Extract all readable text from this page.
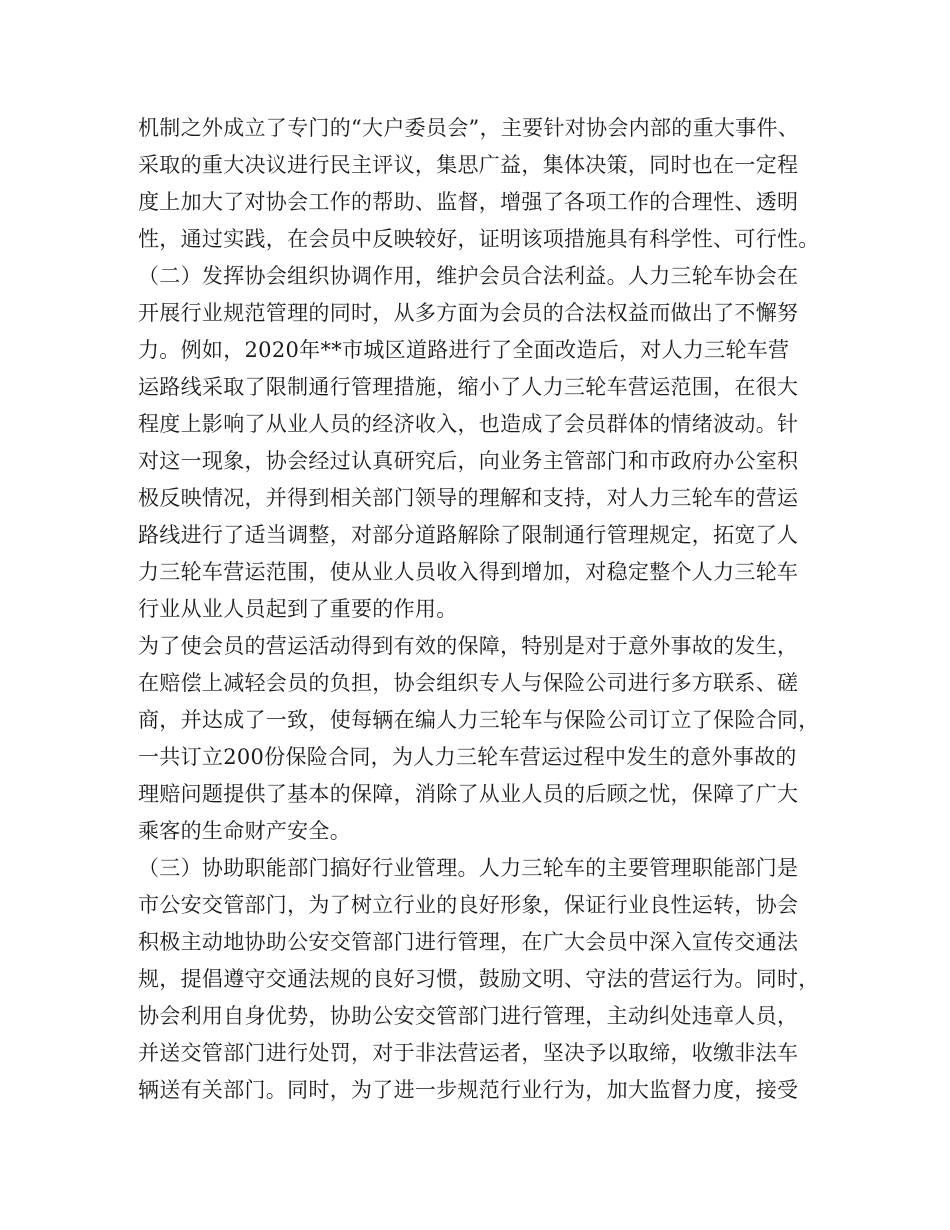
机制之外成立了专门的“大户委员会”，主要针对协会内部的重大事件、
采取的重大决议进行民主评议，集思广益，集体决策，同时也在一定程
度上加大了对协会工作的帮助、监督，增强了各项工作的合理性、透明
性，通过实践，在会员中反映较好，证明该项措施具有科学性、可行性。
（二）发挥协会组织协调作用，维护会员合法利益。人力三轮车协会在
开展行业规范管理的同时，从多方面为会员的合法权益而做出了不懈努
力。例如，2020年**市城区道路进行了全面改造后，对人力三轮车营
运路线采取了限制通行管理措施，缩小了人力三轮车营运范围，在很大
程度上影响了从业人员的经济收入，也造成了会员群体的情绪波动。针
对这一现象，协会经过认真研究后，向业务主管部门和市政府办公室积
极反映情况，并得到相关部门领导的理解和支持，对人力三轮车的营运
路线进行了适当调整，对部分道路解除了限制通行管理规定，拓宽了人
力三轮车营运范围，使从业人员收入得到增加，对稳定整个人力三轮车
行业从业人员起到了重要的作用。
为了使会员的营运活动得到有效的保障，特别是对于意外事故的发生，
在赔偿上减轻会员的负担，协会组织专人与保险公司进行多方联系、磋
商，并达成了一致，使每辆在编人力三轮车与保险公司订立了保险合同，
一共订立200份保险合同，为人力三轮车营运过程中发生的意外事故的
理赔问题提供了基本的保障，消除了从业人员的后顾之忧，保障了广大
乘客的生命财产安全。
（三）协助职能部门搞好行业管理。人力三轮车的主要管理职能部门是
市公安交管部门，为了树立行业的良好形象，保证行业良性运转，协会
积极主动地协助公安交管部门进行管理，在广大会员中深入宣传交通法
规，提倡遵守交通法规的良好习惯，鼓励文明、守法的营运行为。同时，
协会利用自身优势，协助公安交管部门进行管理，主动纠处违章人员，
并送交管部门进行处罚，对于非法营运者，坚决予以取缔，收缴非法车
辆送有关部门。同时，为了进一步规范行业行为，加大监督力度，接受
